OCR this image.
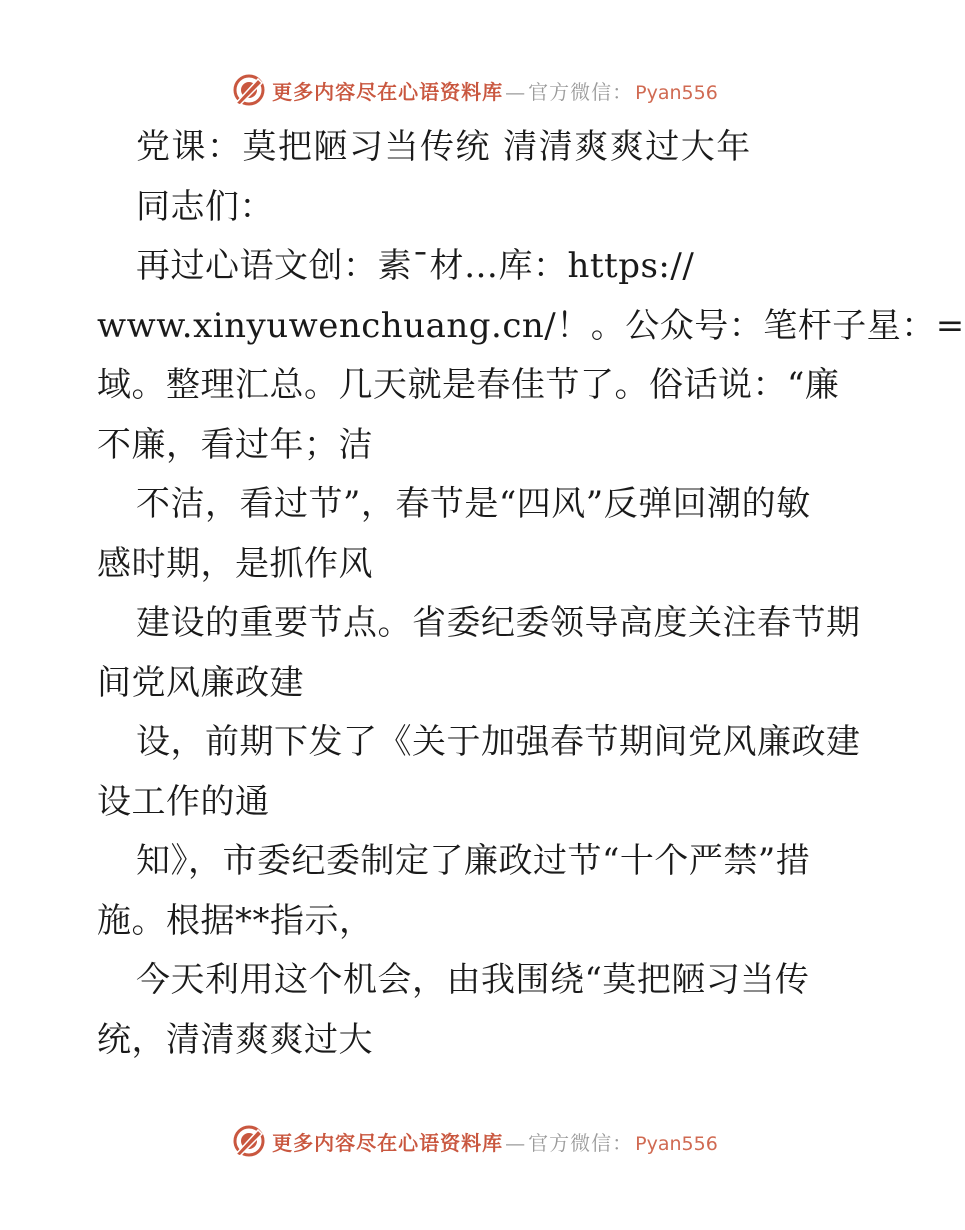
更多内容尽在心语资料库 — 官方微信 ： Pyan556
党课：莫把陋习当传统 清清爽爽过大年
同志们：
再过心语文创：素¯材…库：https://
www.xinyuwenchuang.cn/！。公众号：笔杆子星：=
域。整理汇总。几天就是春佳节了。俗话说：“廉
不廉，看过年；洁
不洁，看过节”，春节是“四风”反弹回潮的敏
感时期，是抓作风
建设的重要节点。省委纪委领导高度关注春节期
间党风廉政建
设，前期下发了《关于加强春节期间党风廉政建
设工作的通
知》，市委纪委制定了廉政过节“十个严禁”措
施。根据**指示，
今天利用这个机会，由我围绕“莫把陋习当传
统，清清爽爽过大
更多内容尽在心语资料库 — 官方微信 ： Pyan556
